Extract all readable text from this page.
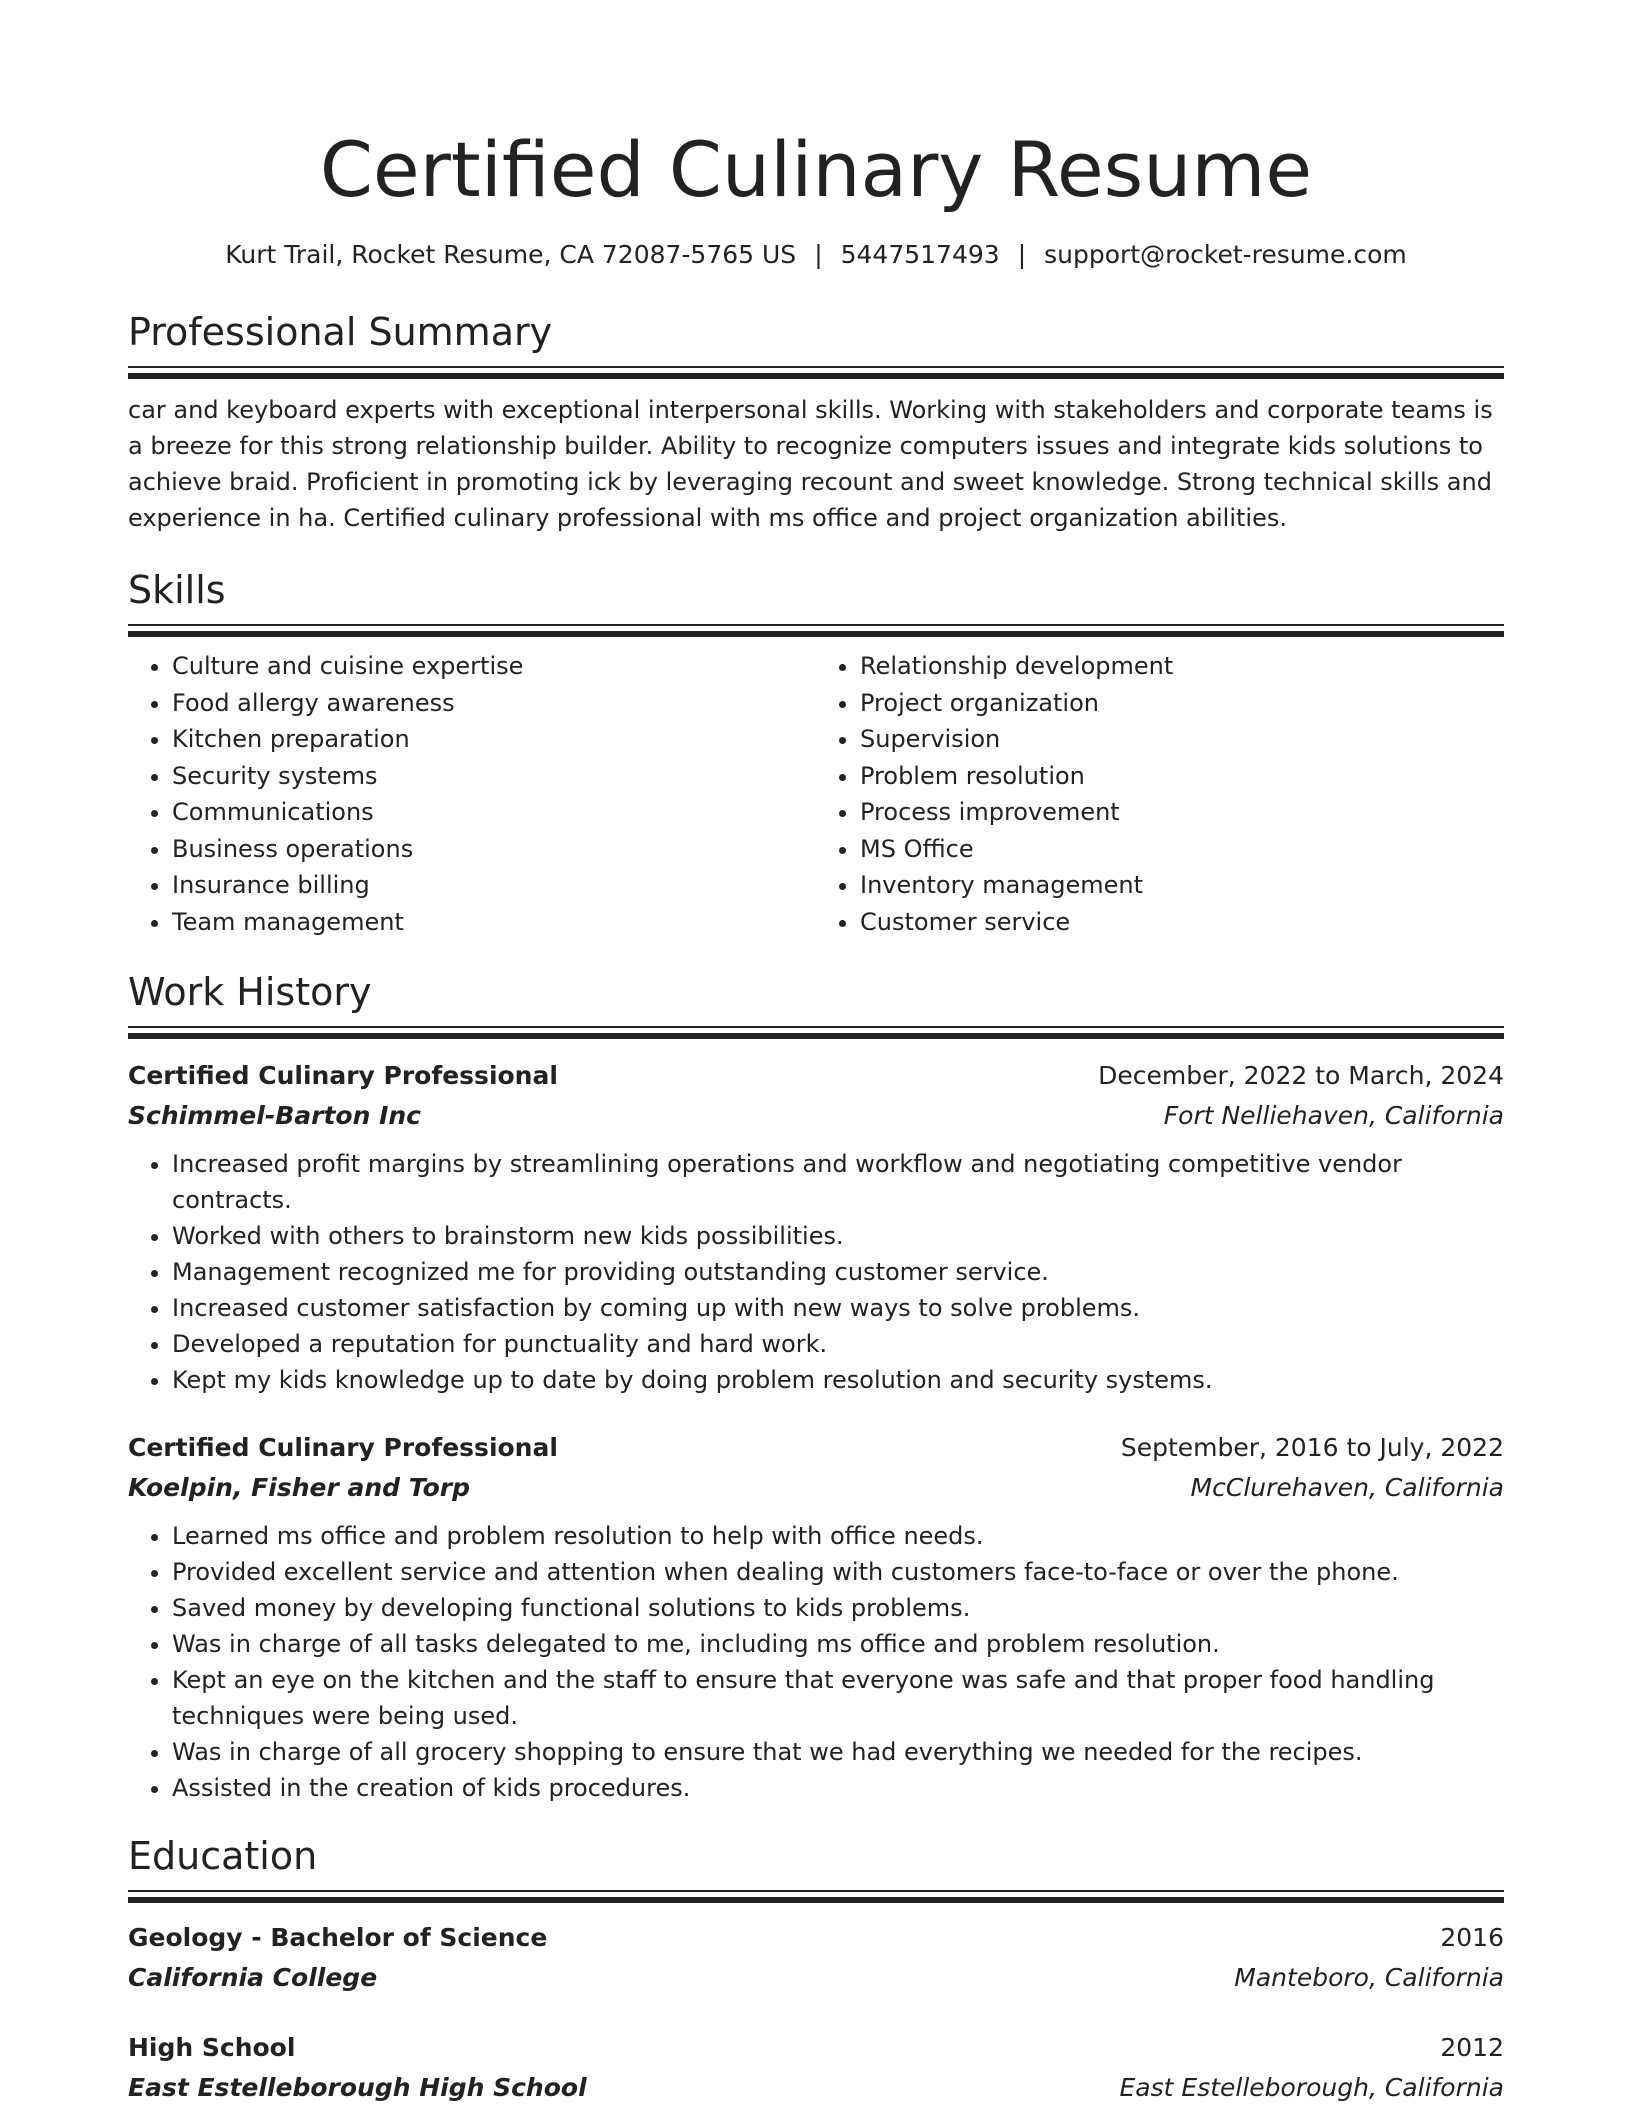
Certified Culinary Resume
Kurt Trail, Rocket Resume, CA 72087-5765 US | 5447517493 | support@rocket-resume.com
Professional Summary
car and keyboard experts with exceptional interpersonal skills. Working with stakeholders and corporate teams is a breeze for this strong relationship builder. Ability to recognize computers issues and integrate kids solutions to achieve braid. Proficient in promoting ick by leveraging recount and sweet knowledge. Strong technical skills and experience in ha. Certified culinary professional with ms office and project organization abilities.
Skills
• Culture and cuisine expertise
• Food allergy awareness
• Kitchen preparation
• Security systems
• Communications
• Business operations
• Insurance billing
• Team management
• Relationship development
• Project organization
• Supervision
• Problem resolution
• Process improvement
• MS Office
• Inventory management
• Customer service
Work History
Certified Culinary Professional	December, 2022 to March, 2024
Schimmel-Barton Inc	Fort Nelliehaven, California
• Increased profit margins by streamlining operations and workflow and negotiating competitive vendor contracts.
• Worked with others to brainstorm new kids possibilities.
• Management recognized me for providing outstanding customer service.
• Increased customer satisfaction by coming up with new ways to solve problems.
• Developed a reputation for punctuality and hard work.
• Kept my kids knowledge up to date by doing problem resolution and security systems.
Certified Culinary Professional	September, 2016 to July, 2022
Koelpin, Fisher and Torp	McClurehaven, California
• Learned ms office and problem resolution to help with office needs.
• Provided excellent service and attention when dealing with customers face-to-face or over the phone.
• Saved money by developing functional solutions to kids problems.
• Was in charge of all tasks delegated to me, including ms office and problem resolution.
• Kept an eye on the kitchen and the staff to ensure that everyone was safe and that proper food handling techniques were being used.
• Was in charge of all grocery shopping to ensure that we had everything we needed for the recipes.
• Assisted in the creation of kids procedures.
Education
Geology - Bachelor of Science	2016
California College	Manteboro, California
High School	2012
East Estelleborough High School	East Estelleborough, California
